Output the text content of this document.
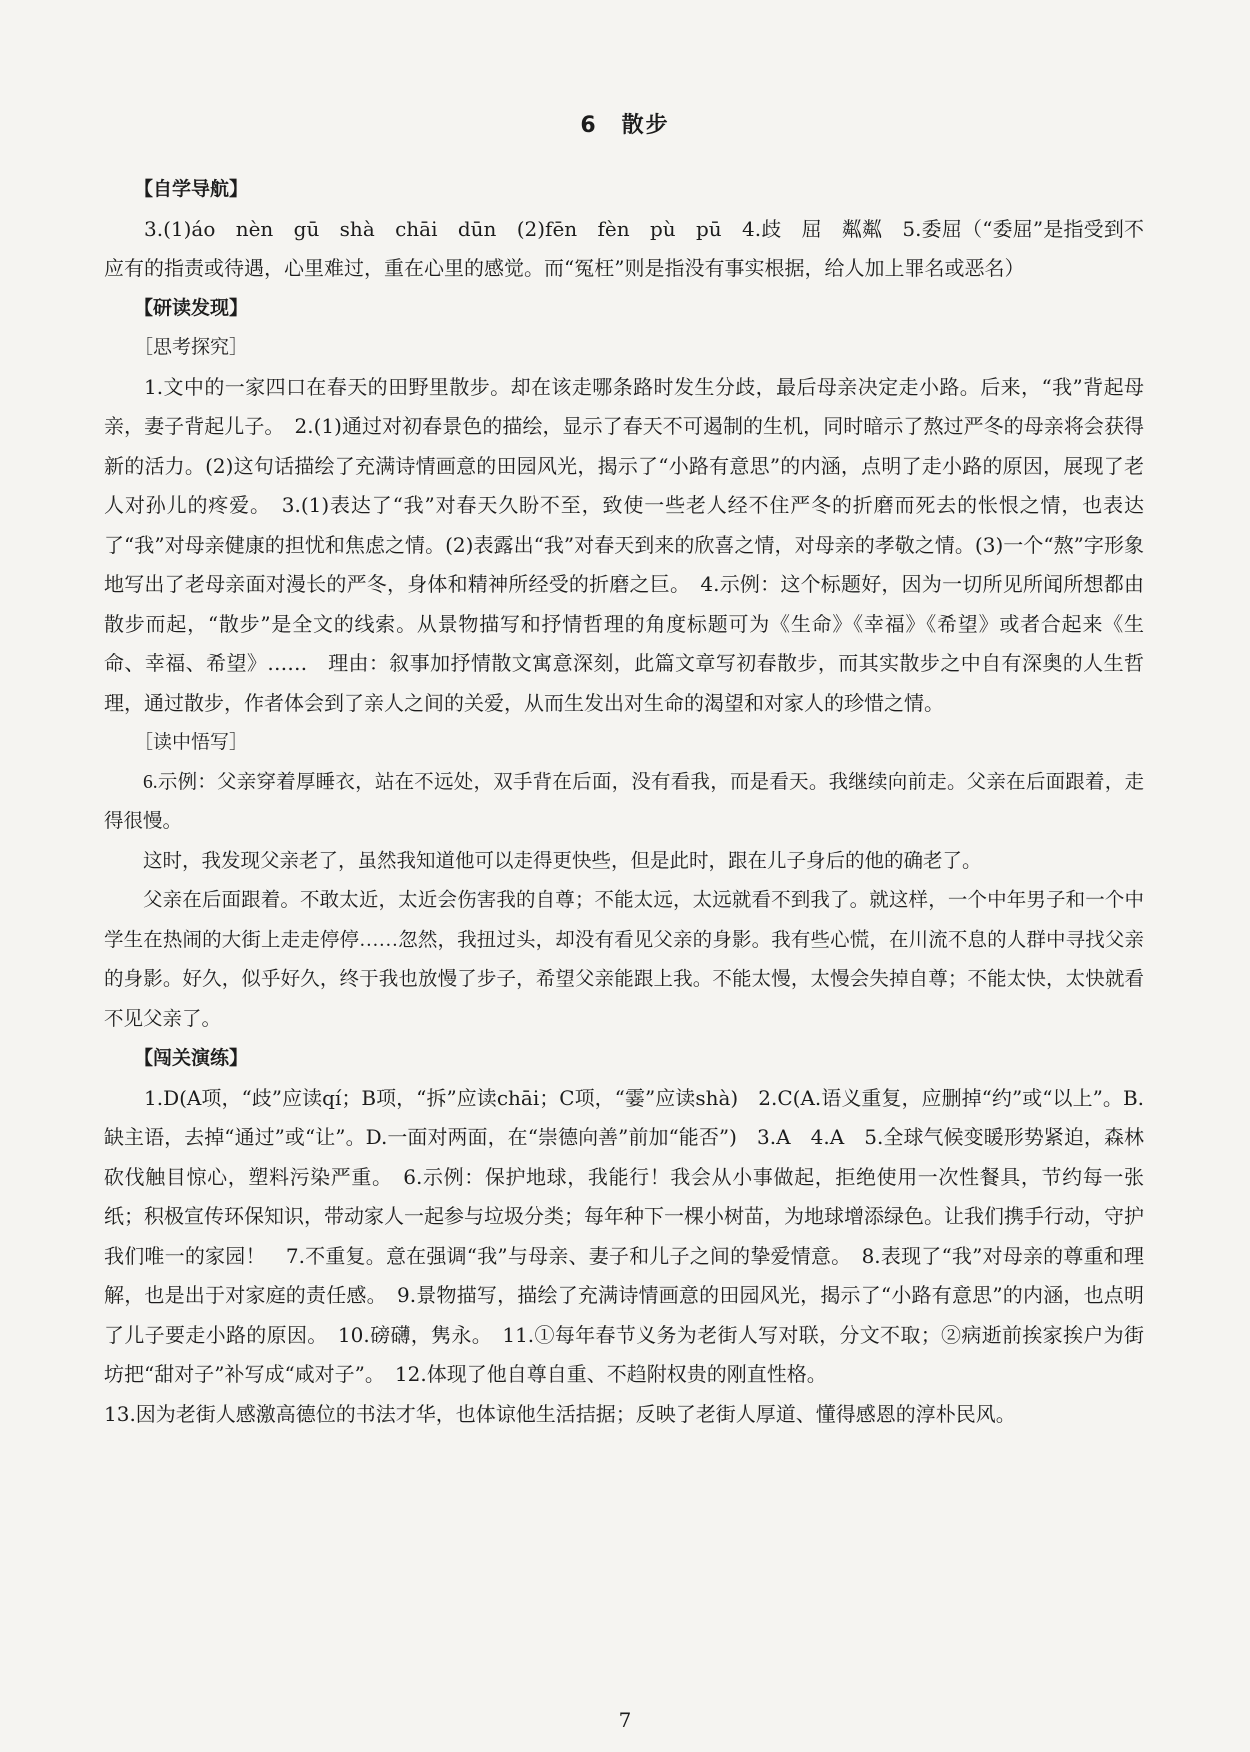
6　散步
【自学导航】

3.(1)áo　nèn　gū　shà　chāi　dūn　(2)fēn　fèn　pù　pū　4.歧　屈　粼粼　5.委屈（“委屈”是指受到不应有的指责或待遇，心里难过，重在心里的感觉。而“冤枉”则是指没有事实根据，给人加上罪名或恶名）

【研读发现】
［思考探究］

1.文中的一家四口在春天的田野里散步。却在该走哪条路时发生分歧，最后母亲决定走小路。后来，“我”背起母亲，妻子背起儿子。　2.(1)通过对初春景色的描绘，显示了春天不可遏制的生机，同时暗示了熬过严冬的母亲将会获得新的活力。(2)这句话描绘了充满诗情画意的田园风光，揭示了“小路有意思”的内涵，点明了走小路的原因，展现了老人对孙儿的疼爱。　3.(1)表达了“我”对春天久盼不至，致使一些老人经不住严冬的折磨而死去的怅恨之情，也表达了“我”对母亲健康的担忧和焦虑之情。(2)表露出“我”对春天到来的欣喜之情，对母亲的孝敬之情。(3)一个“熬”字形象地写出了老母亲面对漫长的严冬，身体和精神所经受的折磨之巨。　4.示例：这个标题好，因为一切所见所闻所想都由散步而起，“散步”是全文的线索。从景物描写和抒情哲理的角度标题可为《生命》《幸福》《希望》或者合起来《生命、幸福、希望》……　理由：叙事加抒情散文寓意深刻，此篇文章写初春散步，而其实散步之中自有深奥的人生哲理，通过散步，作者体会到了亲人之间的关爱，从而生发出对生命的渴望和对家人的珍惜之情。

［读中悟写］

6.示例：父亲穿着厚睡衣，站在不远处，双手背在后面，没有看我，而是看天。我继续向前走。父亲在后面跟着，走得很慢。

这时，我发现父亲老了，虽然我知道他可以走得更快些，但是此时，跟在儿子身后的他的确老了。

父亲在后面跟着。不敢太近，太近会伤害我的自尊；不能太远，太远就看不到我了。就这样，一个中年男子和一个中学生在热闹的大街上走走停停……忽然，我扭过头，却没有看见父亲的身影。我有些心慌，在川流不息的人群中寻找父亲的身影。好久，似乎好久，终于我也放慢了步子，希望父亲能跟上我。不能太慢，太慢会失掉自尊；不能太快，太快就看不见父亲了。

【闯关演练】

1.D(A项，“歧”应读qí；B项，“拆”应读chāi；C项，“霎”应读shà)　2.C(A.语义重复，应删掉“约”或“以上”。B.缺主语，去掉“通过”或“让”。D.一面对两面，在“崇德向善”前加“能否”)　3.A　4.A　5.全球气候变暖形势紧迫，森林砍伐触目惊心，塑料污染严重。　6.示例：保护地球，我能行！我会从小事做起，拒绝使用一次性餐具，节约每一张纸；积极宣传环保知识，带动家人一起参与垃圾分类；每年种下一棵小树苗，为地球增添绿色。让我们携手行动，守护我们唯一的家园！　7.不重复。意在强调“我”与母亲、妻子和儿子之间的挚爱情意。　8.表现了“我”对母亲的尊重和理解，也是出于对家庭的责任感。　9.景物描写，描绘了充满诗情画意的田园风光，揭示了“小路有意思”的内涵，也点明了儿子要走小路的原因。　10.磅礴，隽永。　11.①每年春节义务为老街人写对联，分文不取；②病逝前挨家挨户为街坊把“甜对子”补写成“咸对子”。　12.体现了他自尊自重、不趋附权贵的刚直性格。

13.因为老街人感激高德位的书法才华，也体谅他生活拮据；反映了老街人厚道、懂得感恩的淳朴民风。

7
